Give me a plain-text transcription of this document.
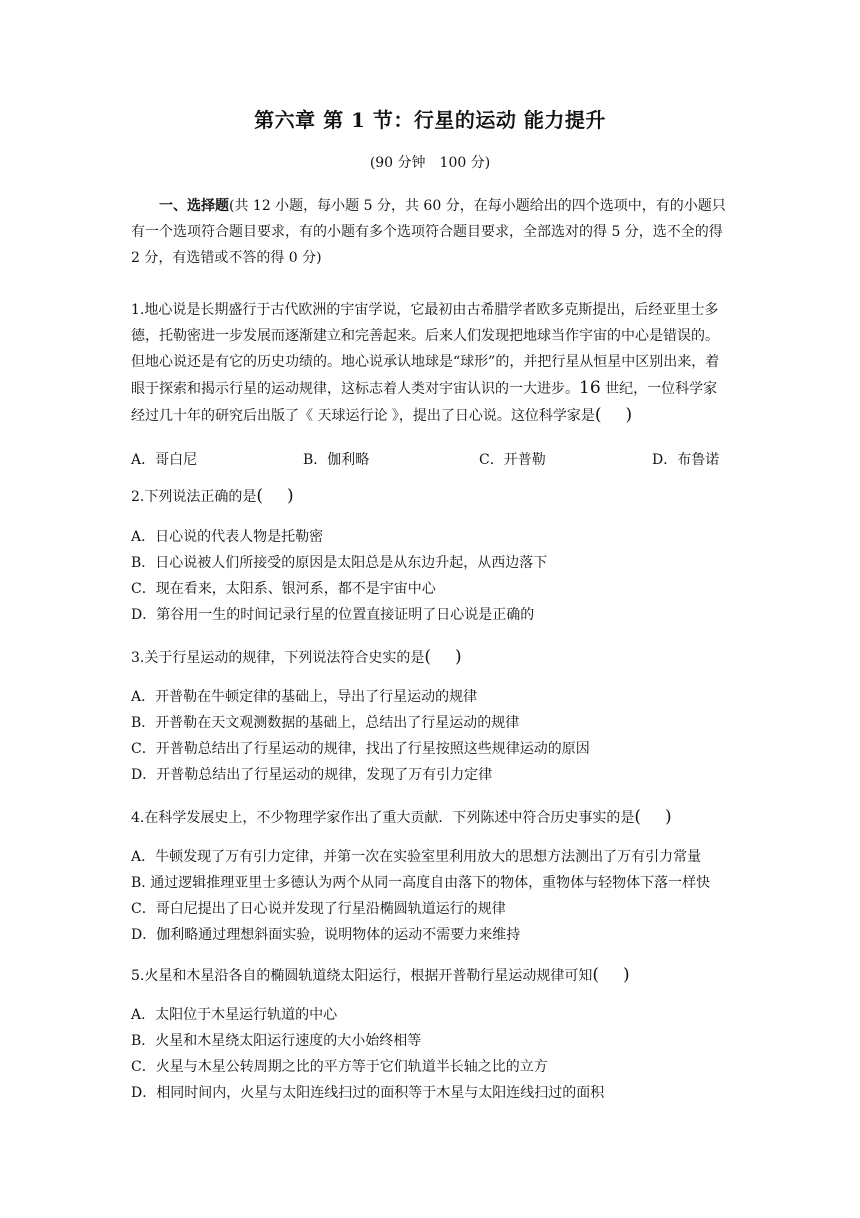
第六章 第 1 节：行星的运动 能力提升
(90 分钟　100 分)
一、选择题(共 12 小题，每小题 5 分，共 60 分，在每小题给出的四个选项中，有的小题只有一个选项符合题目要求，有的小题有多个选项符合题目要求，全部选对的得 5 分，选不全的得 2 分，有选错或不答的得 0 分)
1.地心说是长期盛行于古代欧洲的宇宙学说，它最初由古希腊学者欧多克斯提出，后经亚里士多德，托勒密进一步发展而逐渐建立和完善起来。后来人们发现把地球当作宇宙的中心是错误的。但地心说还是有它的历史功绩的。地心说承认地球是“球形”的，并把行星从恒星中区别出来，着眼于探索和揭示行星的运动规律，这标志着人类对宇宙认识的一大进步。16 世纪，一位科学家经过几十年的研究后出版了《 天球运行论 》，提出了日心说。这位科学家是( )
A．哥白尼	B．伽利略	C．开普勒	D．布鲁诺
2.下列说法正确的是( )
A．日心说的代表人物是托勒密
B．日心说被人们所接受的原因是太阳总是从东边升起，从西边落下
C．现在看来，太阳系、银河系，都不是宇宙中心
D．第谷用一生的时间记录行星的位置直接证明了日心说是正确的
3.关于行星运动的规律，下列说法符合史实的是( )
A．开普勒在牛顿定律的基础上，导出了行星运动的规律
B．开普勒在天文观测数据的基础上，总结出了行星运动的规律
C．开普勒总结出了行星运动的规律，找出了行星按照这些规律运动的原因
D．开普勒总结出了行星运动的规律，发现了万有引力定律
4.在科学发展史上，不少物理学家作出了重大贡献．下列陈述中符合历史事实的是( )
A．牛顿发现了万有引力定律，并第一次在实验室里利用放大的思想方法测出了万有引力常量
B. 通过逻辑推理亚里士多德认为两个从同一高度自由落下的物体，重物体与轻物体下落一样快
C．哥白尼提出了日心说并发现了行星沿椭圆轨道运行的规律
D．伽利略通过理想斜面实验，说明物体的运动不需要力来维持
5.火星和木星沿各自的椭圆轨道绕太阳运行，根据开普勒行星运动规律可知( )
A．太阳位于木星运行轨道的中心
B．火星和木星绕太阳运行速度的大小始终相等
C．火星与木星公转周期之比的平方等于它们轨道半长轴之比的立方
D．相同时间内，火星与太阳连线扫过的面积等于木星与太阳连线扫过的面积
